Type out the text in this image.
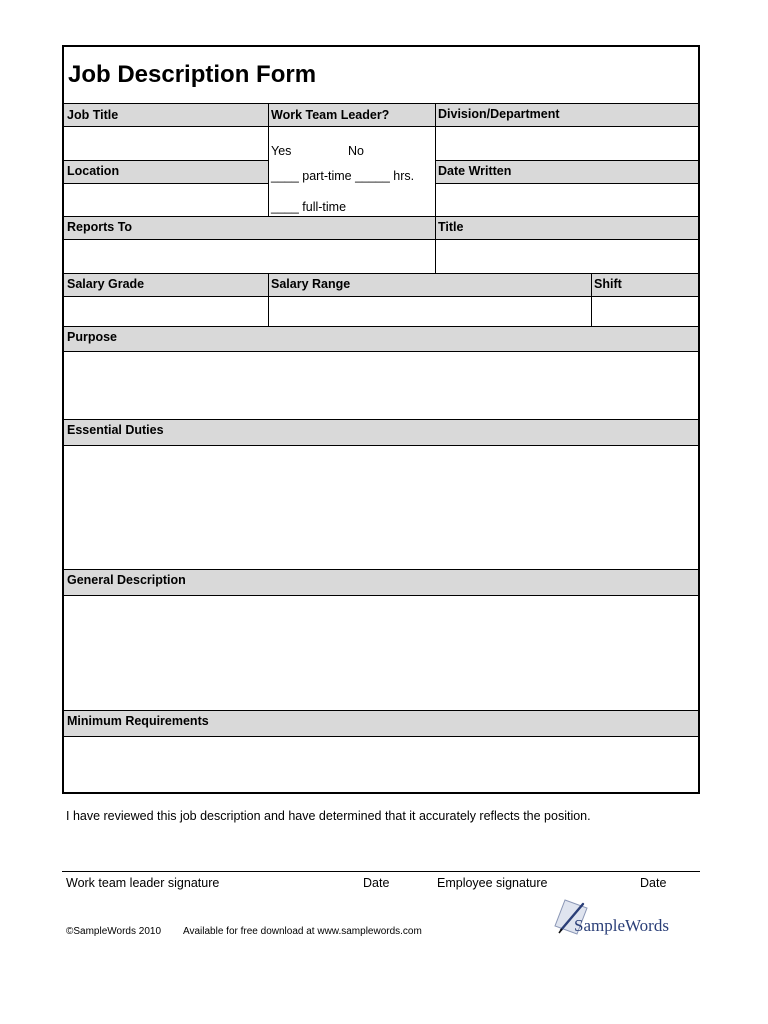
Job Description Form
Job Title	Work Team Leader?	Division/Department
Yes	No
Location	Date Written
____ part-time _____ hrs.
____ full-time
Reports To	Title
Salary Grade	Salary Range	Shift
Purpose
Essential Duties
General Description
Minimum Requirements
I have reviewed this job description and have determined that it accurately reflects the position.
Work team leader signature	Date	Employee signature	Date
©SampleWords 2010 Available for free download at www.samplewords.com	SampleWords
